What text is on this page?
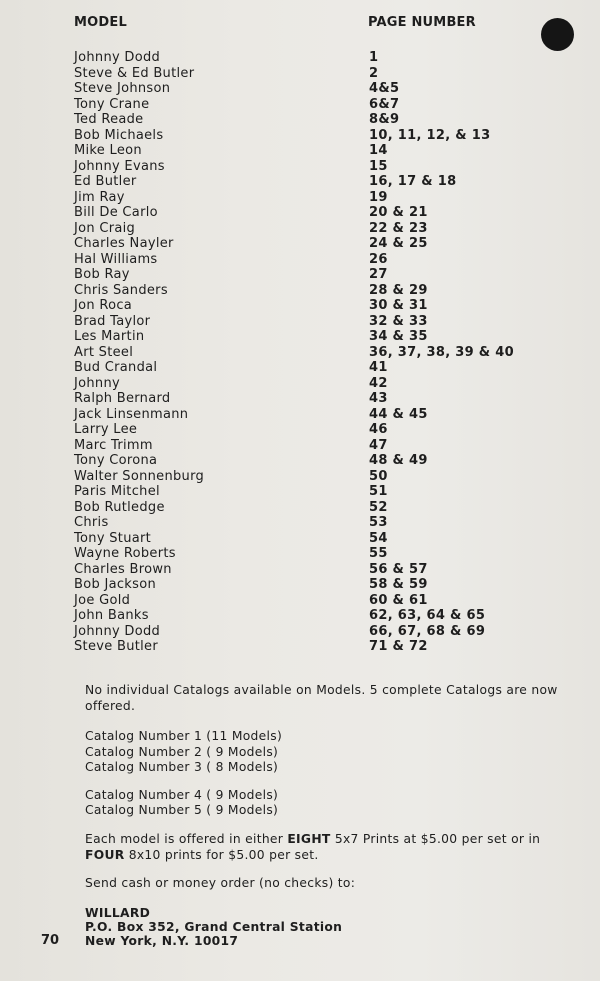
MODEL	PAGE NUMBER
Johnny Dodd	1
Steve & Ed Butler	2
Steve Johnson	4&5
Tony Crane	6&7
Ted Reade	8&9
Bob Michaels	10, 11, 12, & 13
Mike Leon	14
Johnny Evans	15
Ed Butler	16, 17 & 18
Jim Ray	19
Bill De Carlo	20 & 21
Jon Craig	22 & 23
Charles Nayler	24 & 25
Hal Williams	26
Bob Ray	27
Chris Sanders	28 & 29
Jon Roca	30 & 31
Brad Taylor	32 & 33
Les Martin	34 & 35
Art Steel	36, 37, 38, 39 & 40
Bud Crandal	41
Johnny	42
Ralph Bernard	43
Jack Linsenmann	44 & 45
Larry Lee	46
Marc Trimm	47
Tony Corona	48 & 49
Walter Sonnenburg	50
Paris Mitchel	51
Bob Rutledge	52
Chris	53
Tony Stuart	54
Wayne Roberts	55
Charles Brown	56 & 57
Bob Jackson	58 & 59
Joe Gold	60 & 61
John Banks	62, 63, 64 & 65
Johnny Dodd	66, 67, 68 & 69
Steve Butler	71 & 72
No individual Catalogs available on Models. 5 complete Catalogs are now offered.
Catalog Number 1 (11 Models)
Catalog Number 2 ( 9 Models)
Catalog Number 3 ( 8 Models)
Catalog Number 4 ( 9 Models)
Catalog Number 5 ( 9 Models)
Each model is offered in either EIGHT 5x7 Prints at $5.00 per set or in FOUR 8x10 prints for $5.00 per set.
Send cash or money order (no checks) to:
WILLARD
P.O. Box 352, Grand Central Station
New York, N.Y. 10017
70
